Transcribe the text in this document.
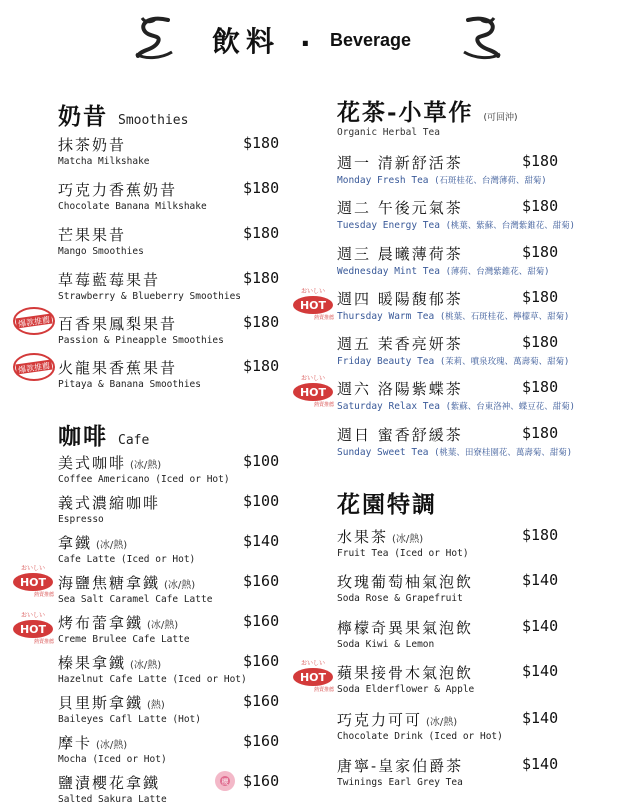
飲料 . Beverage
奶昔 Smoothies
抹茶奶昔	$180
Matcha Milkshake
巧克力香蕉奶昔	$180
Chocolate Banana Milkshake
芒果果昔	$180
Mango Smoothies
草莓藍莓果昔	$180
Strawberry & Blueberry Smoothies
百香果鳳梨果昔	$180
Passion & Pineapple Smoothies
火龍果香蕉果昔	$180
Pitaya & Banana Smoothies
爆款推薦
爆款推薦
咖啡 Cafe
美式咖啡 (冰/熱)	$100
Coffee Americano (Iced or Hot)
義式濃縮咖啡	$100
Espresso
拿鐵 (冰/熱)	$140
Cafe Latte (Iced or Hot)
海鹽焦糖拿鐵 (冰/熱)	$160
Sea Salt Caramel Cafe Latte
烤布蕾拿鐵 (冰/熱)	$160
Creme Brulee Cafe Latte
榛果拿鐵 (冰/熱)	$160
Hazelnut Cafe Latte (Iced or Hot)
貝里斯拿鐵 (熱)	$160
Baileyes Cafl Latte (Hot)
摩卡 (冰/熱)	$160
Mocha (Iced or Hot)
鹽漬櫻花拿鐵	$160
Salted Sakura Latte
おいしい
HOT
熱賣推薦
おいしい
HOT
熱賣推薦
櫻
花茶-小草作 (可回沖)
Organic Herbal Tea
週一 清新舒活茶	$180
Monday Fresh Tea (石斑桂花、台灣薄荷、甜菊)
週二 午後元氣茶	$180
Tuesday Energy Tea (桃葉、紫蘇、台灣紫錐花、甜菊)
週三 晨曦薄荷茶	$180
Wednesday Mint Tea (薄荷、台灣紫錐花、甜菊)
週四 暖陽馥郁茶	$180
Thursday Warm Tea (桃葉、石斑桂花、檸檬草、甜菊)
週五 茉香亮妍茶	$180
Friday Beauty Tea (茉莉、噴泉玫瑰、萬壽菊、甜菊)
週六 洛陽紫蝶茶	$180
Saturday Relax Tea (紫蘇、台東洛神、蝶豆花、甜菊)
週日 蜜香舒緩茶	$180
Sunday Sweet Tea (桃葉、田寮桂園花、萬壽菊、甜菊)
おいしい
HOT
熱賣推薦
おいしい
HOT
熱賣推薦
花園特調
水果茶 (冰/熱)	$180
Fruit Tea (Iced or Hot)
玫瑰葡萄柚氣泡飲	$140
Soda Rose & Grapefruit
檸檬奇異果氣泡飲	$140
Soda Kiwi & Lemon
蘋果接骨木氣泡飲	$140
Soda Elderflower & Apple
巧克力可可 (冰/熱)	$140
Chocolate Drink (Iced or Hot)
唐寧-皇家伯爵茶	$140
Twinings Earl Grey Tea
おいしい
HOT
熱賣推薦
